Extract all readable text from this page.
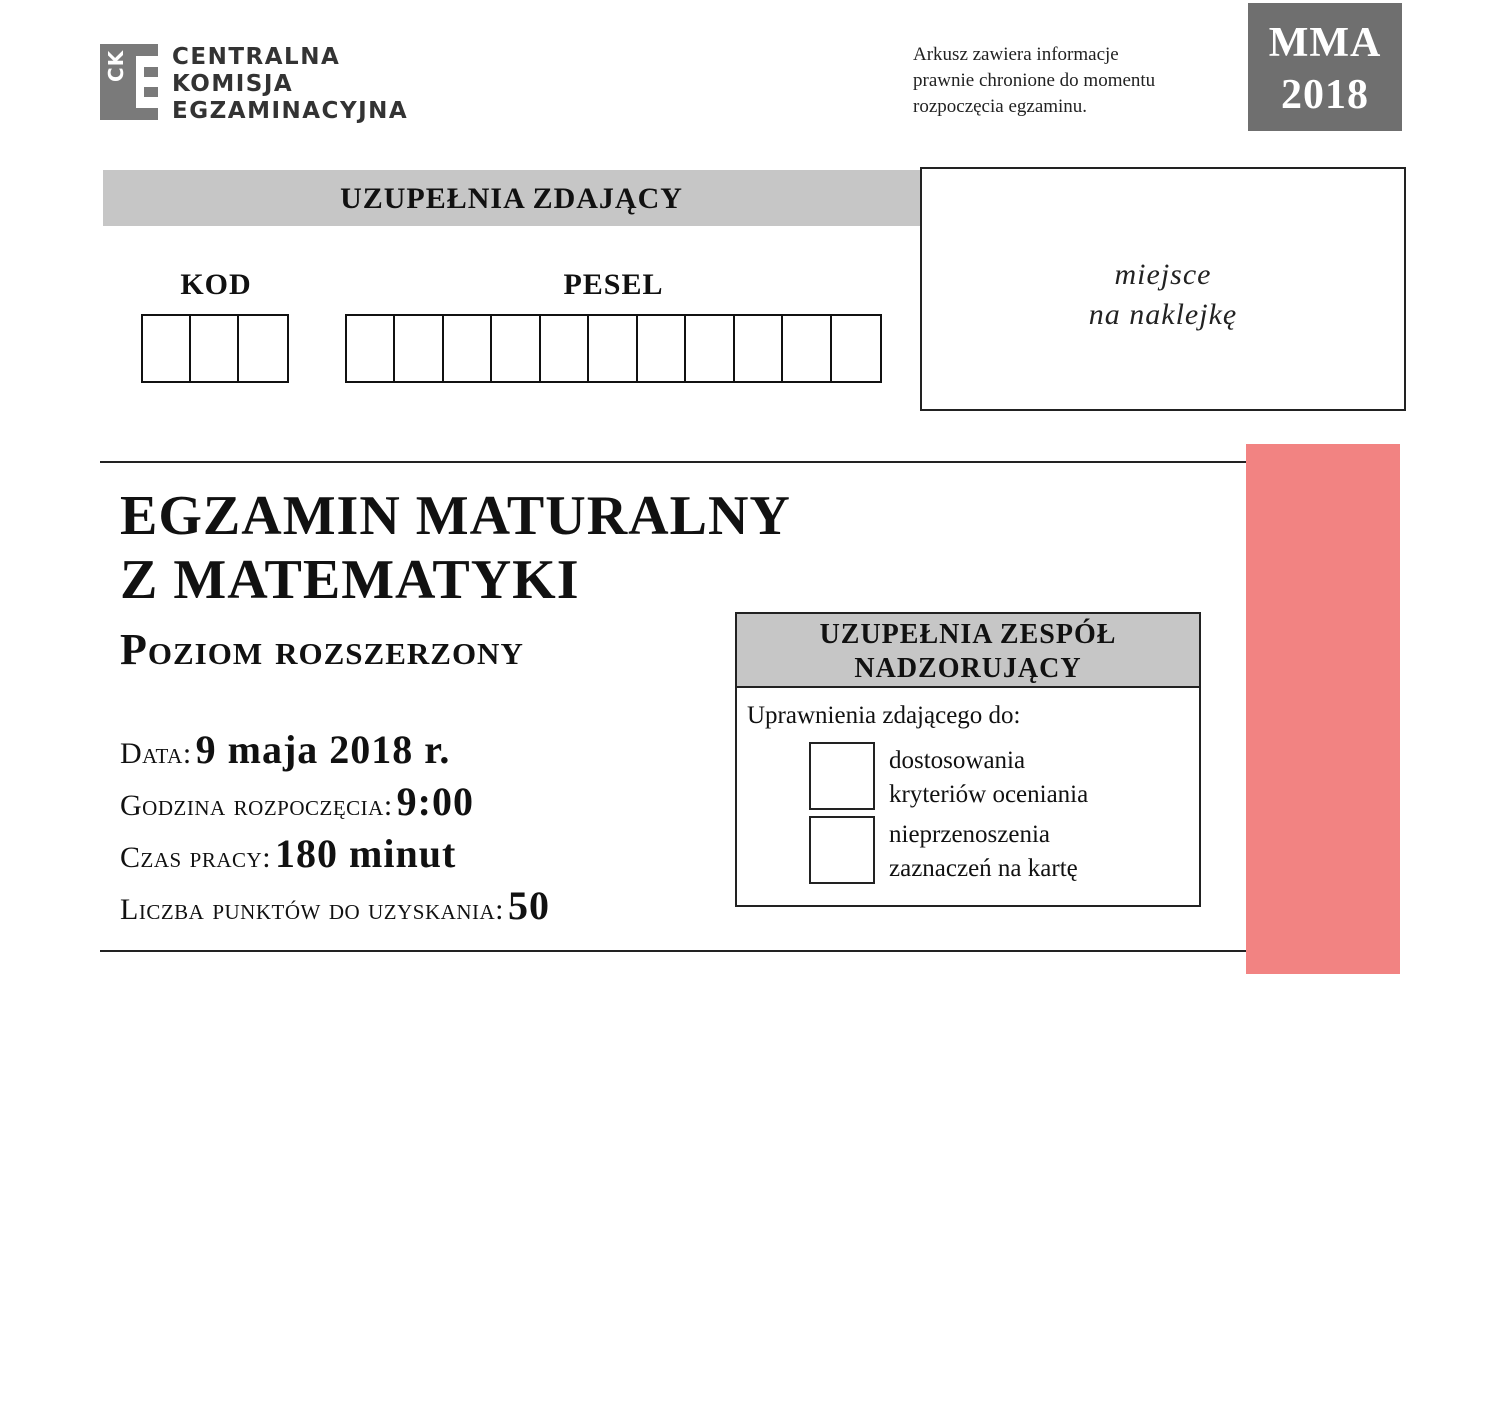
CK CENTRALNA
KOMISJA
EGZAMINACYJNA
Arkusz zawiera informacje
prawnie chronione do momentu
rozpoczęcia egzaminu.
MMA
2018
UZUPEŁNIA ZDAJĄCY
KOD	PESEL	miejsce
na naklejkę
EGZAMIN MATURALNY
Z MATEMATYKI
Poziom rozszerzony
Data: 9 maja 2018 r.
Godzina rozpoczęcia: 9:00
Czas pracy: 180 minut
Liczba punktów do uzyskania: 50
UZUPEŁNIA ZESPÓŁ
NADZORUJĄCY
Uprawnienia zdającego do:
dostosowania
kryteriów oceniania
nieprzenoszenia
zaznaczeń na kartę
NOWA
